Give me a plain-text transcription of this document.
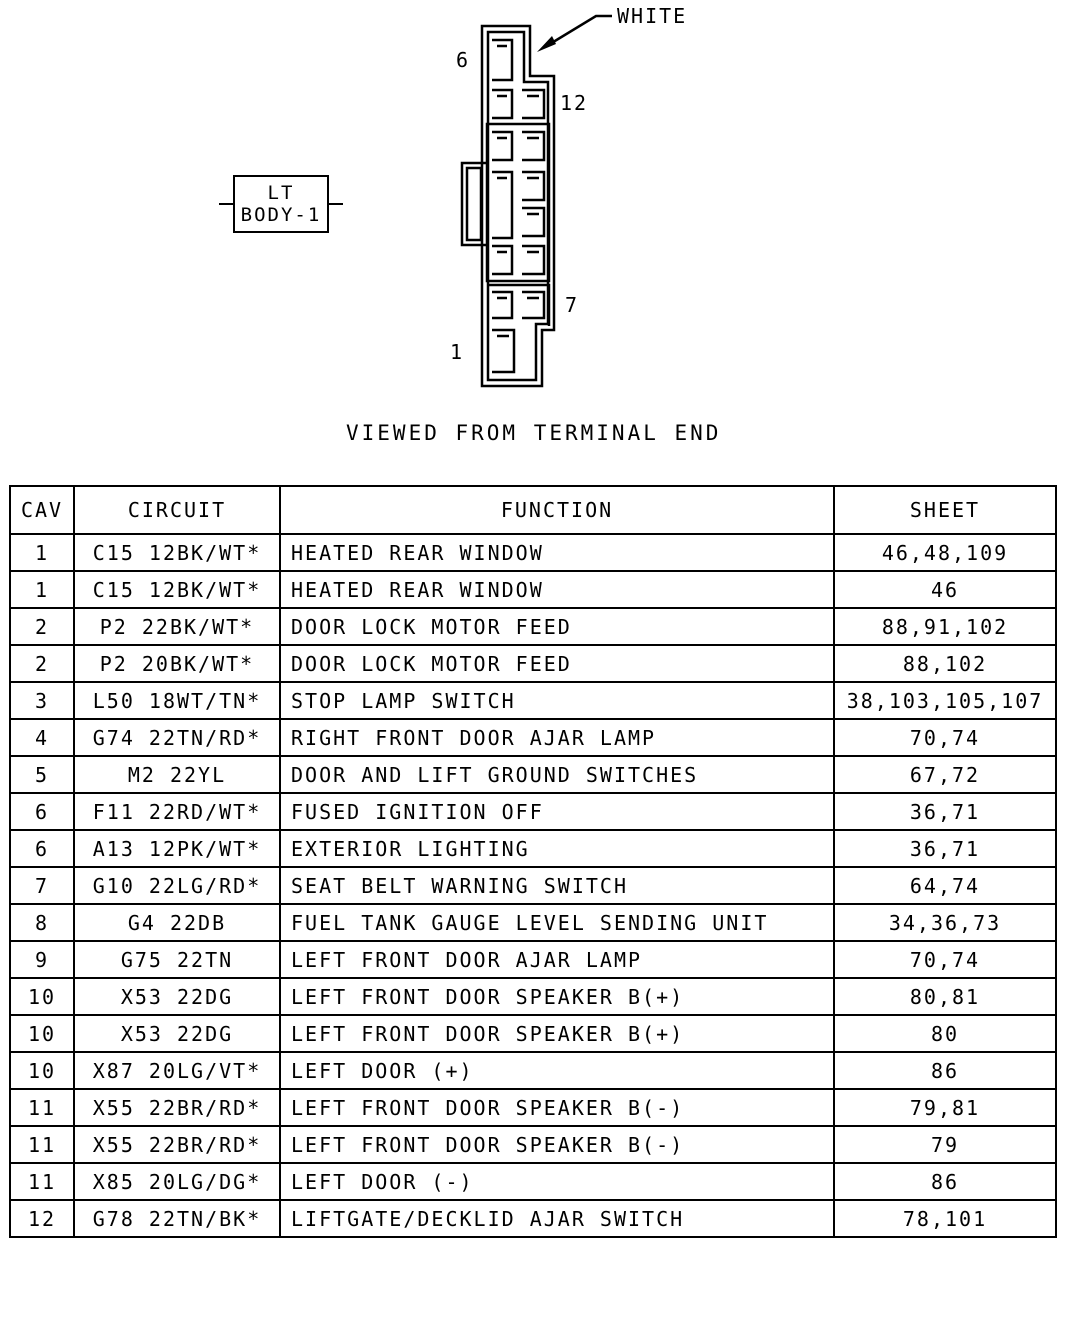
WHITE
6
12
7
1
LT
BODY-1
VIEWED FROM TERMINAL END
CAV	CIRCUIT	FUNCTION	SHEET
1	C15 12BK/WT*	HEATED REAR WINDOW	46,48,109
1	C15 12BK/WT*	HEATED REAR WINDOW	46
2	P2 22BK/WT*	DOOR LOCK MOTOR FEED	88,91,102
2	P2 20BK/WT*	DOOR LOCK MOTOR FEED	88,102
3	L50 18WT/TN*	STOP LAMP SWITCH	38,103,105,107
4	G74 22TN/RD*	RIGHT FRONT DOOR AJAR LAMP	70,74
5	M2 22YL	DOOR AND LIFT GROUND SWITCHES	67,72
6	F11 22RD/WT*	FUSED IGNITION OFF	36,71
6	A13 12PK/WT*	EXTERIOR LIGHTING	36,71
7	G10 22LG/RD*	SEAT BELT WARNING SWITCH	64,74
8	G4 22DB	FUEL TANK GAUGE LEVEL SENDING UNIT	34,36,73
9	G75 22TN	LEFT FRONT DOOR AJAR LAMP	70,74
10	X53 22DG	LEFT FRONT DOOR SPEAKER B(+)	80,81
10	X53 22DG	LEFT FRONT DOOR SPEAKER B(+)	80
10	X87 20LG/VT*	LEFT DOOR (+)	86
11	X55 22BR/RD*	LEFT FRONT DOOR SPEAKER B(-)	79,81
11	X55 22BR/RD*	LEFT FRONT DOOR SPEAKER B(-)	79
11	X85 20LG/DG*	LEFT DOOR (-)	86
12	G78 22TN/BK*	LIFTGATE/DECKLID AJAR SWITCH	78,101
